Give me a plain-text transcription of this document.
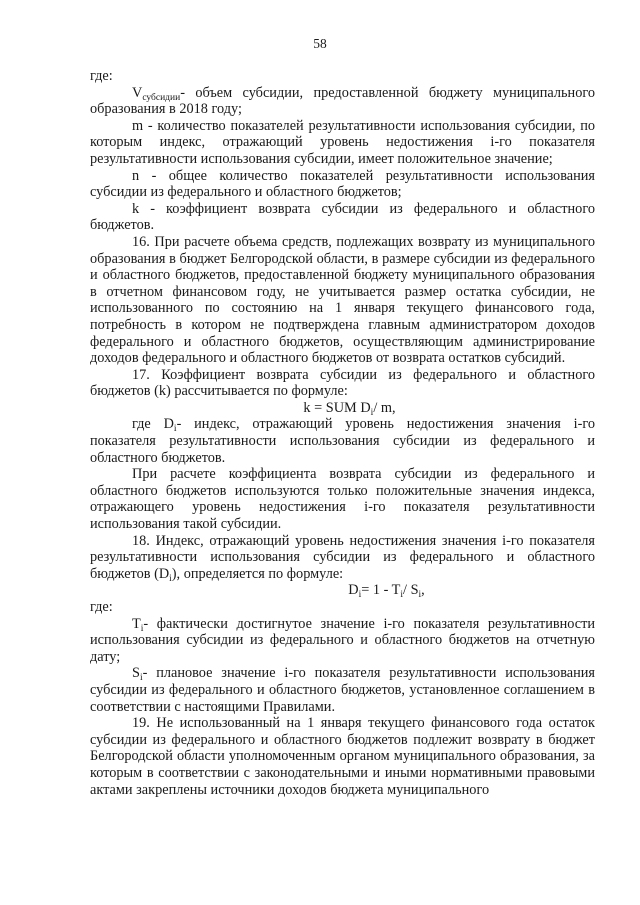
58

где:

$V_{субсидии}-$ объем субсидии, предоставленной бюджету муниципального образования в 2018 году;

m - количество показателей результативности использования субсидии, по которым индекс, отражающий уровень недостижения i-го показателя результативности использования субсидии, имеет положительное значение;

n - общее количество показателей результативности использования субсидии из федерального и областного бюджетов;

k - коэффициент возврата субсидии из федерального и областного бюджетов.

16. При расчете объема средств, подлежащих возврату из муниципального образования в бюджет Белгородской области, в размере субсидии из федерального и областного бюджетов, предоставленной бюджету муниципального образования в отчетном финансовом году, не учитывается размер остатка субсидии, не использованного по состоянию на 1 января текущего финансового года, потребность в котором не подтверждена главным администратором доходов федерального и областного бюджетов, осуществляющим администрирование доходов федерального и областного бюджетов от возврата остатков субсидий.

17. Коэффициент возврата субсидии из федерального и областного бюджетов (k) рассчитывается по формуле:

k = SUM $D_i/$ m,

где $D_i-$ индекс, отражающий уровень недостижения значения i-го показателя результативности использования субсидии из федерального и областного бюджетов.

При расчете коэффициента возврата субсидии из федерального и областного бюджетов используются только положительные значения индекса, отражающего уровень недостижения i-го показателя результативности использования такой субсидии.

18. Индекс, отражающий уровень недостижения значения i-го показателя результативности использования субсидии из федерального и областного бюджетов $(D_i)$, определяется по формуле:

$D_i= 1 - T_i/$ $S_i$,

где:

$T_i-$ фактически достигнутое значение i-го показателя результативности использования субсидии из федерального и областного бюджетов на отчетную дату;

$S_i-$ плановое значение i-го показателя результативности использования субсидии из федерального и областного бюджетов, установленное соглашением в соответствии с настоящими Правилами.

19. Не использованный на 1 января текущего финансового года остаток субсидии из федерального и областного бюджетов подлежит возврату в бюджет Белгородской области уполномоченным органом муниципального образования, за которым в соответствии с законодательными и иными нормативными правовыми актами закреплены источники доходов бюджета муниципального
